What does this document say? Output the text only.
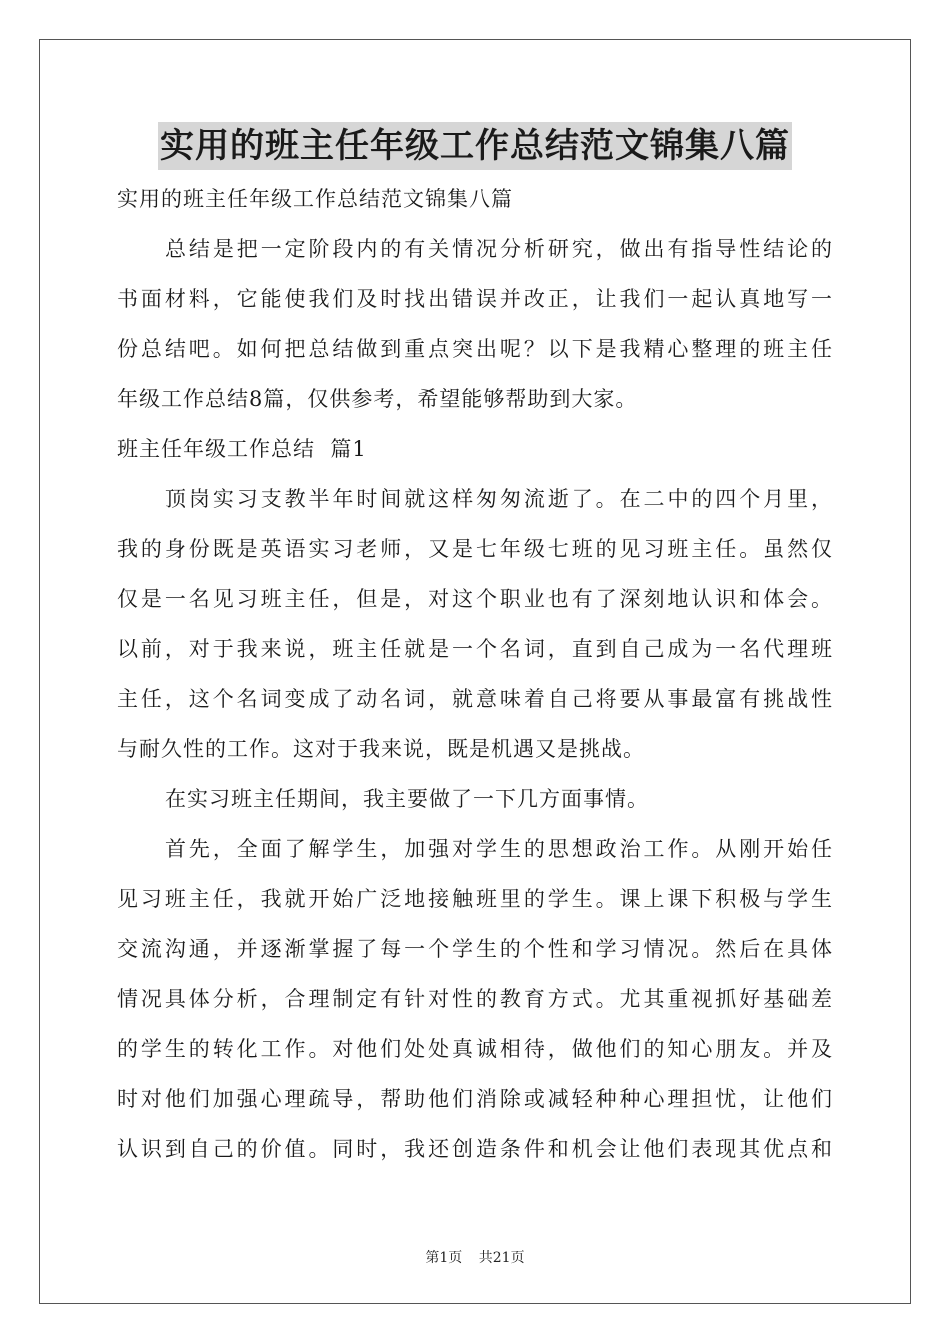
实用的班主任年级工作总结范文锦集八篇

实用的班主任年级工作总结范文锦集八篇

总结是把一定阶段内的有关情况分析研究，做出有指导性结论的

书面材料，它能使我们及时找出错误并改正，让我们一起认真地写一

份总结吧。如何把总结做到重点突出呢？以下是我精心整理的班主任

年级工作总结8篇，仅供参考，希望能够帮助到大家。

班主任年级工作总结  篇1

顶岗实习支教半年时间就这样匆匆流逝了。在二中的四个月里，

我的身份既是英语实习老师，又是七年级七班的见习班主任。虽然仅

仅是一名见习班主任，但是，对这个职业也有了深刻地认识和体会。

以前，对于我来说，班主任就是一个名词，直到自己成为一名代理班

主任，这个名词变成了动名词，就意味着自己将要从事最富有挑战性

与耐久性的工作。这对于我来说，既是机遇又是挑战。

在实习班主任期间，我主要做了一下几方面事情。

首先，全面了解学生，加强对学生的思想政治工作。从刚开始任

见习班主任，我就开始广泛地接触班里的学生。课上课下积极与学生

交流沟通，并逐渐掌握了每一个学生的个性和学习情况。然后在具体

情况具体分析，合理制定有针对性的教育方式。尤其重视抓好基础差

的学生的转化工作。对他们处处真诚相待，做他们的知心朋友。并及

时对他们加强心理疏导，帮助他们消除或减轻种种心理担忧，让他们

认识到自己的价值。同时，我还创造条件和机会让他们表现其优点和

第1页 共21页
